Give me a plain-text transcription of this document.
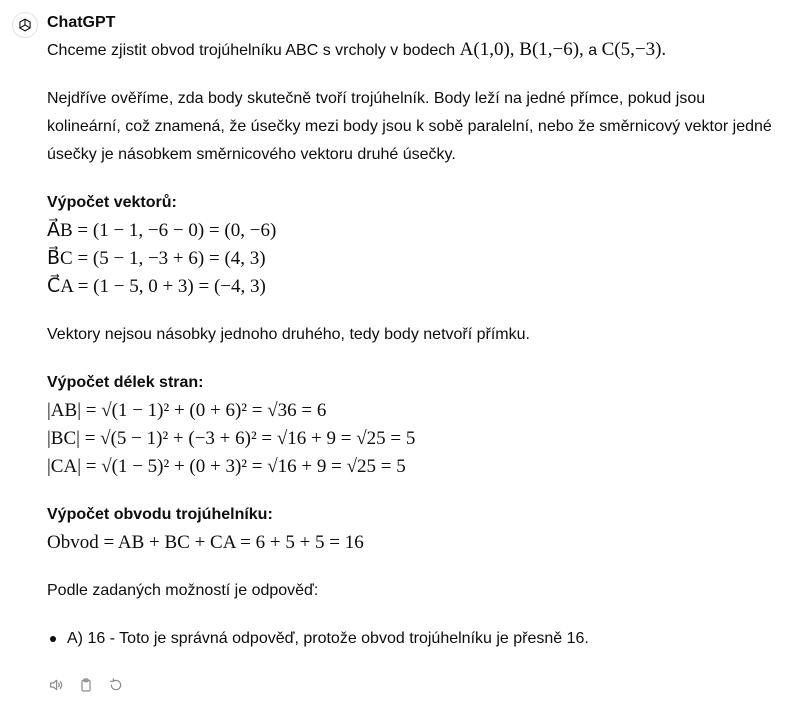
ChatGPT

Chceme zjistit obvod trojúhelníku ABC s vrcholy v bodech A(1,0), B(1,−6), a C(5,−3).

Nejdříve ověříme, zda body skutečně tvoří trojúhelník. Body leží na jedné přímce, pokud jsou kolineární, což znamená, že úsečky mezi body jsou k sobě paralelní, nebo že směrnicový vektor jedné úsečky je násobkem směrnicového vektoru druhé úsečky.

Výpočet vektorů:
A⃗B = (1 − 1, −6 − 0) = (0, −6)
B⃗C = (5 − 1, −3 + 6) = (4, 3)
C⃗A = (1 − 5, 0 + 3) = (−4, 3)

Vektory nejsou násobky jednoho druhého, tedy body netvoří přímku.

Výpočet délek stran:
|AB| = √(1 − 1)² + (0 + 6)² = √36 = 6
|BC| = √(5 − 1)² + (−3 + 6)² = √16 + 9 = √25 = 5
|CA| = √(1 − 5)² + (0 + 3)² = √16 + 9 = √25 = 5
Výpočet obvodu trojúhelníku:
Obvod = AB + BC + CA = 6 + 5 + 5 = 16

Podle zadaných možností je odpověď:

A) 16 - Toto je správná odpověď, protože obvod trojúhelníku je přesně 16.
